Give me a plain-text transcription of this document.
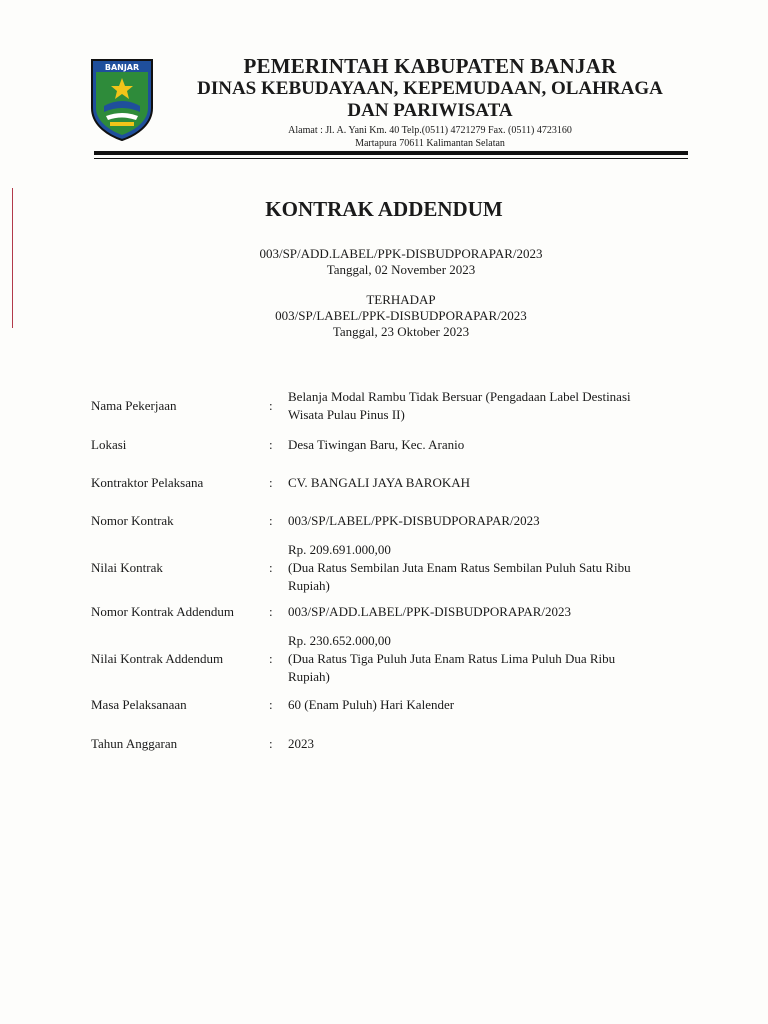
BANJAR	PEMERINTAH KABUPATEN BANJAR
DINAS KEBUDAYAAN, KEPEMUDAAN, OLAHRAGA
DAN PARIWISATA
Alamat : Jl. A. Yani Km. 40 Telp.(0511) 4721279 Fax. (0511) 4723160
Martapura 70611 Kalimantan Selatan
KONTRAK ADDENDUM
003/SP/ADD.LABEL/PPK-DISBUDPORAPAR/2023
Tanggal, 02 November 2023
TERHADAP
003/SP/LABEL/PPK-DISBUDPORAPAR/2023
Tanggal, 23 Oktober 2023
Nama Pekerjaan	:
Belanja Modal Rambu Tidak Bersuar (Pengadaan Label Destinasi
Wisata Pulau Pinus II)
Lokasi	: Desa Tiwingan Baru, Kec. Aranio
Kontraktor Pelaksana	: CV. BANGALI JAYA BAROKAH
Nomor Kontrak	: 003/SP/LABEL/PPK-DISBUDPORAPAR/2023
Nilai Kontrak	:
Rp. 209.691.000,00
(Dua Ratus Sembilan Juta Enam Ratus Sembilan Puluh Satu Ribu
Rupiah)
Nomor Kontrak Addendum	: 003/SP/ADD.LABEL/PPK-DISBUDPORAPAR/2023
Nilai Kontrak Addendum	:
Rp. 230.652.000,00
(Dua Ratus Tiga Puluh Juta Enam Ratus Lima Puluh Dua Ribu
Rupiah)
Masa Pelaksanaan	: 60 (Enam Puluh) Hari Kalender
Tahun Anggaran	: 2023
